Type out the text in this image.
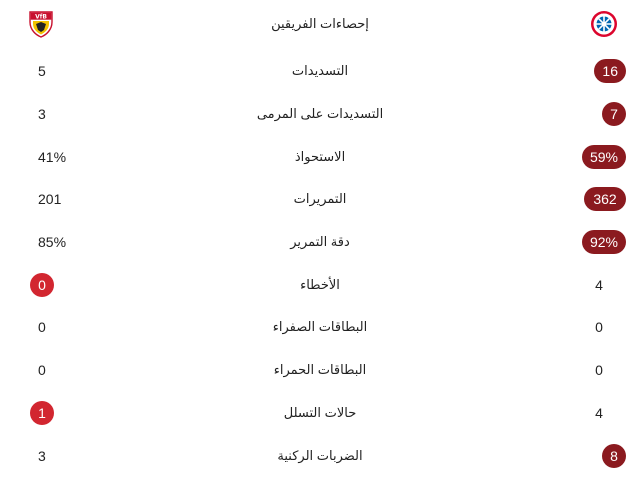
VfB	إحصاءات الفريقين
FCB
التسديدات
5	16
التسديدات على المرمى
3	7
الاستحواذ
41%	59%
التمريرات
201	362
دقة التمرير
85%	92%
الأخطاء
0	4
البطاقات الصفراء
0	0
البطاقات الحمراء
0	0
حالات التسلل
1	4
الضربات الركنية
3	8
